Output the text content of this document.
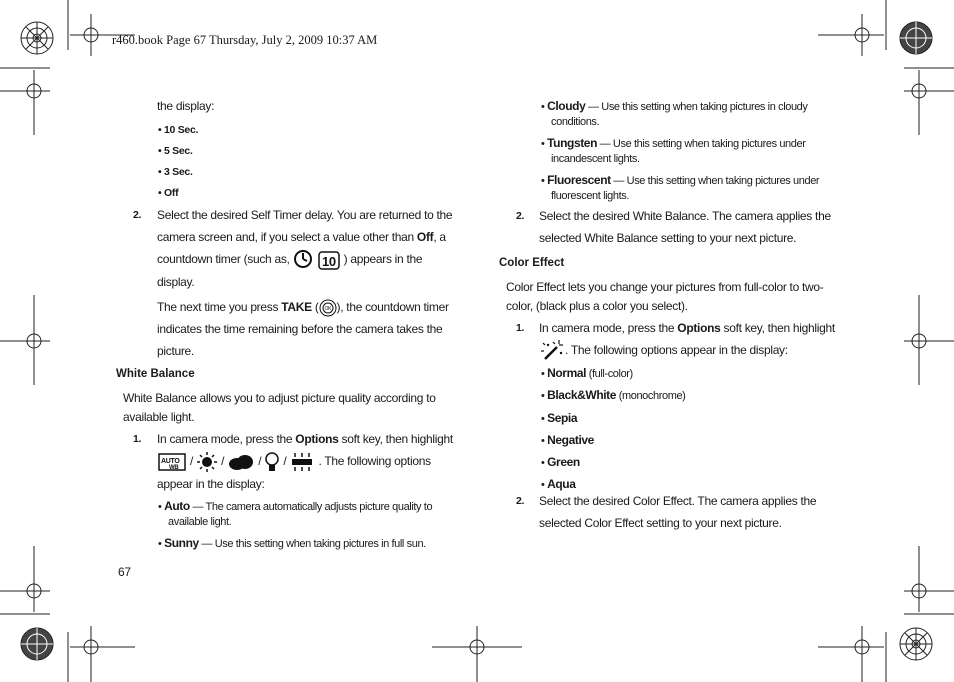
r460.book Page 67 Thursday, July 2, 2009 10:37 AM
the display:
• 10 Sec.
• 5 Sec.
• 3 Sec.
• Off
2. Select the desired Self Timer delay. You are returned to the
camera screen and, if you select a value other than Off, a
countdown timer (such as, 10 ) appears in the
display.
The next time you press TAKE ( OK ), the countdown timer
indicates the time remaining before the camera takes the
picture.
White Balance
White Balance allows you to adjust picture quality according to
available light.
1. In camera mode, press the Options soft key, then highlight
AUTO
WB /  /  /  /  . The following options
appear in the display:
• Auto — The camera automatically adjusts picture quality to
available light.
• Sunny — Use this setting when taking pictures in full sun.
67
• Cloudy — Use this setting when taking pictures in cloudy
conditions.
• Tungsten — Use this setting when taking pictures under
incandescent lights.
• Fluorescent — Use this setting when taking pictures under
fluorescent lights.
2. Select the desired White Balance. The camera applies the
selected White Balance setting to your next picture.
Color Effect
Color Effect lets you change your pictures from full-color to two-
color, (black plus a color you select).
1. In camera mode, press the Options soft key, then highlight
. The following options appear in the display:
• Normal (full-color)
• Black&White (monochrome)
• Sepia
• Negative
• Green
• Aqua
2. Select the desired Color Effect. The camera applies the
selected Color Effect setting to your next picture.
